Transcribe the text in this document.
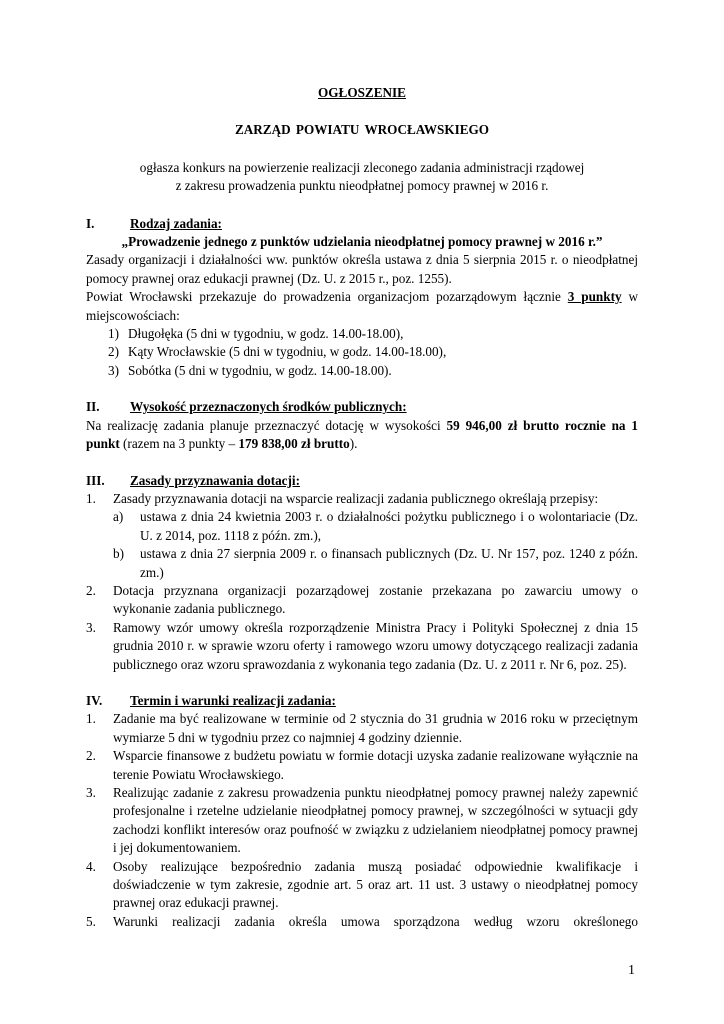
OGŁOSZENIE
ZARZĄD POWIATU WROCŁAWSKIEGO
ogłasza konkurs na powierzenie realizacji zleconego zadania administracji rządowej
z zakresu prowadzenia punktu nieodpłatnej pomocy prawnej w 2016 r.
I.	Rodzaj zadania:
„Prowadzenie jednego z punktów udzielania nieodpłatnej pomocy prawnej w 2016 r.”
Zasady organizacji i działalności ww. punktów określa ustawa z dnia 5 sierpnia 2015 r. o nieodpłatnej pomocy prawnej oraz edukacji prawnej (Dz. U. z 2015 r., poz. 1255).
Powiat Wrocławski przekazuje do prowadzenia organizacjom pozarządowym łącznie 3 punkty w miejscowościach:
1) Długołęka (5 dni w tygodniu, w godz. 14.00-18.00),
2) Kąty Wrocławskie (5 dni w tygodniu, w godz. 14.00-18.00),
3) Sobótka (5 dni w tygodniu, w godz. 14.00-18.00).
II.	Wysokość przeznaczonych środków publicznych:
Na realizację zadania planuje przeznaczyć dotację w wysokości 59 946,00 zł brutto rocznie na 1 punkt (razem na 3 punkty – 179 838,00 zł brutto).
III.	Zasady przyznawania dotacji:
1.	Zasady przyznawania dotacji na wsparcie realizacji zadania publicznego określają przepisy:
a)	ustawa z dnia 24 kwietnia 2003 r. o działalności pożytku publicznego i o wolontariacie (Dz. U. z 2014, poz. 1118 z późn. zm.),
b)	ustawa z dnia 27 sierpnia 2009 r. o finansach publicznych (Dz. U. Nr 157, poz. 1240 z późn. zm.)
2.	Dotacja przyznana organizacji pozarządowej zostanie przekazana po zawarciu umowy o wykonanie zadania publicznego.
3.	Ramowy wzór umowy określa rozporządzenie Ministra Pracy i Polityki Społecznej z dnia 15 grudnia 2010 r. w sprawie wzoru oferty i ramowego wzoru umowy dotyczącego realizacji zadania publicznego oraz wzoru sprawozdania z wykonania tego zadania (Dz. U. z 2011 r. Nr 6, poz. 25).
IV.	Termin i warunki realizacji zadania:
1.	Zadanie ma być realizowane w terminie od 2 stycznia do 31 grudnia w 2016 roku w przeciętnym wymiarze 5 dni w tygodniu przez co najmniej 4 godziny dziennie.
2.	Wsparcie finansowe z budżetu powiatu w formie dotacji uzyska zadanie realizowane wyłącznie na terenie Powiatu Wrocławskiego.
3.	Realizując zadanie z zakresu prowadzenia punktu nieodpłatnej pomocy prawnej należy zapewnić profesjonalne i rzetelne udzielanie nieodpłatnej pomocy prawnej, w szczególności w sytuacji gdy zachodzi konflikt interesów oraz poufność w związku z udzielaniem nieodpłatnej pomocy prawnej i jej dokumentowaniem.
4.	Osoby realizujące bezpośrednio zadania muszą posiadać odpowiednie kwalifikacje i doświadczenie w tym zakresie, zgodnie art. 5 oraz art. 11 ust. 3 ustawy o nieodpłatnej pomocy prawnej oraz edukacji prawnej.
5.	Warunki realizacji zadania określa umowa sporządzona według wzoru określonego
1
